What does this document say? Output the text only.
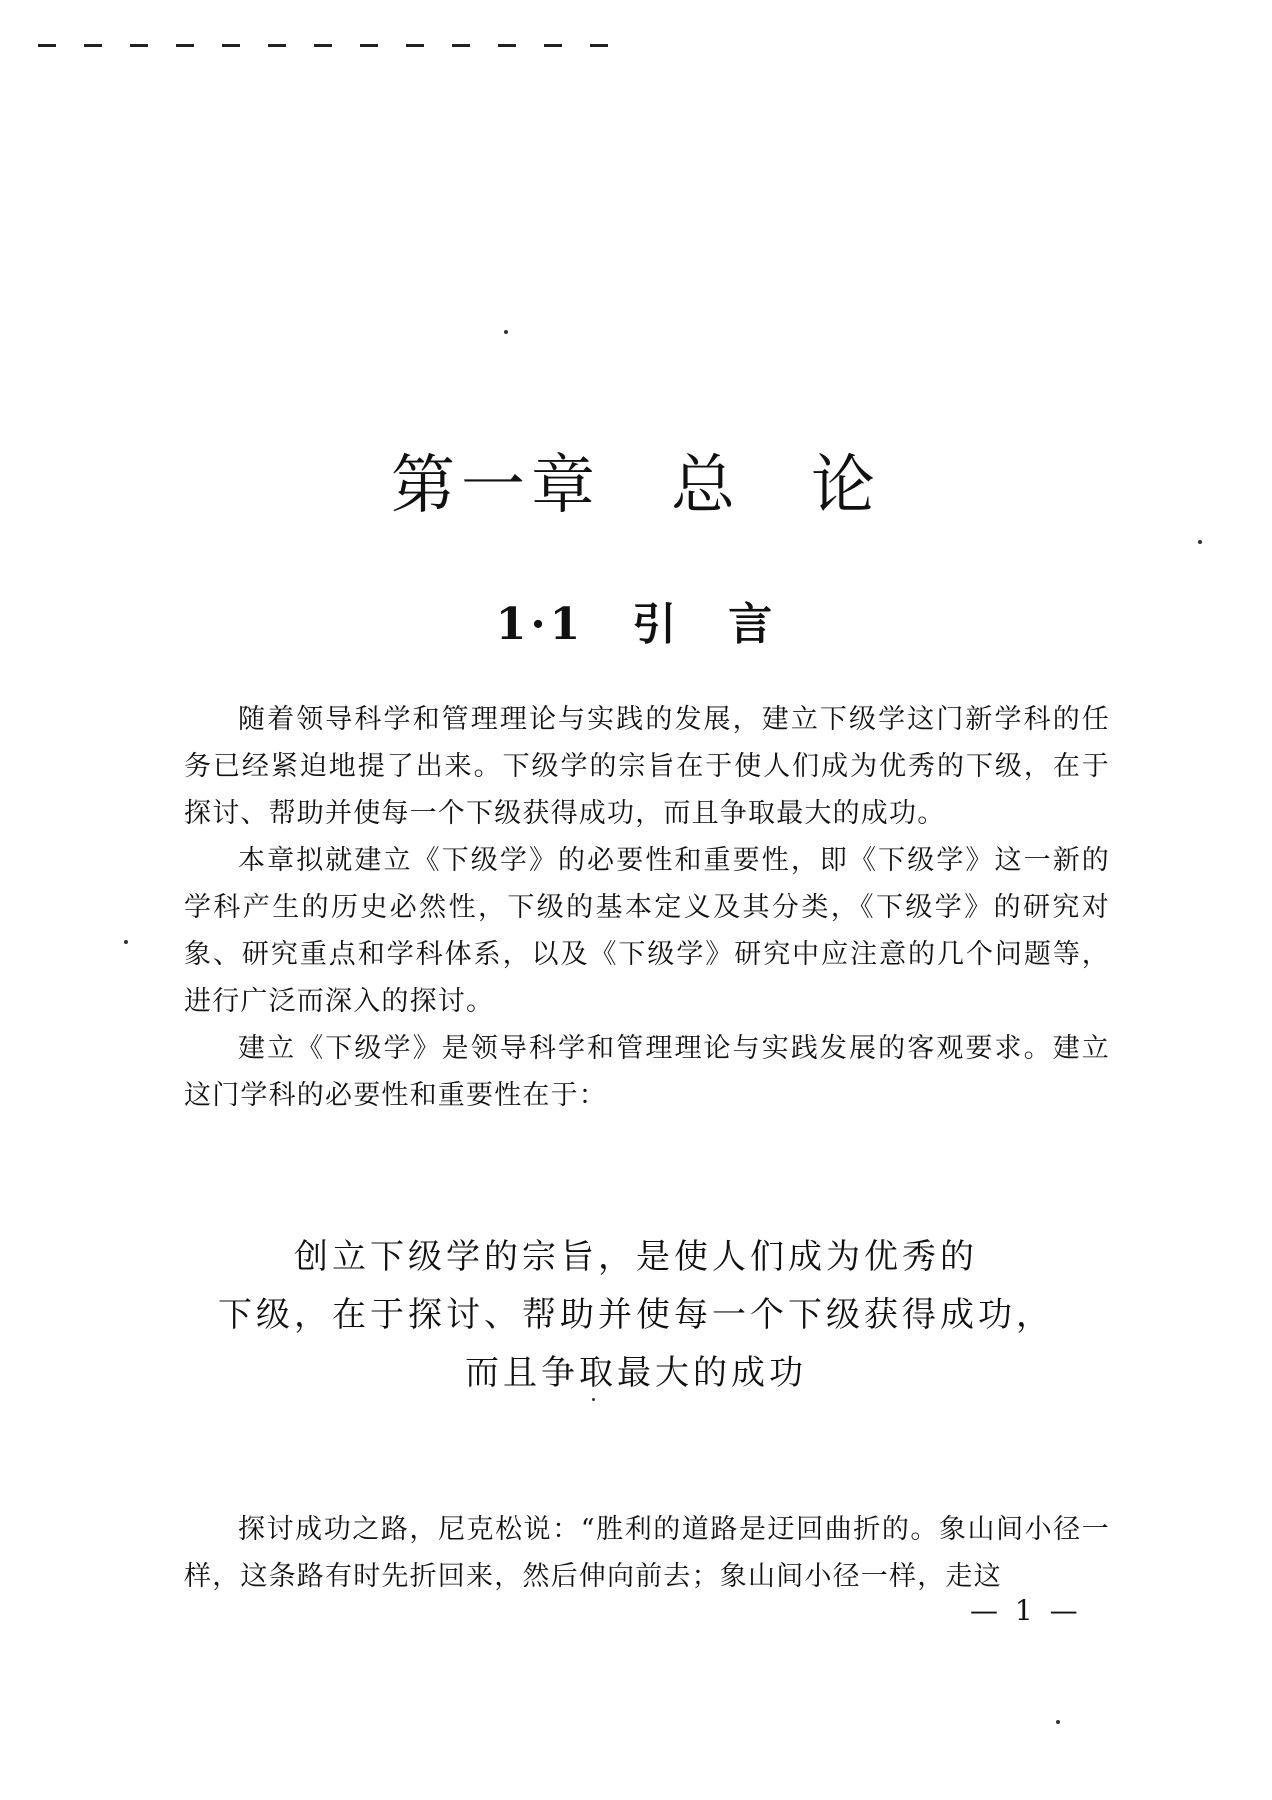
第一章　总　论
1·1　引　言

随着领导科学和管理理论与实践的发展，建立下级学这门新学科的任务已经紧迫地提了出来。下级学的宗旨在于使人们成为优秀的下级，在于探讨、帮助并使每一个下级获得成功，而且争取最大的成功。

本章拟就建立《下级学》的必要性和重要性，即《下级学》这一新的学科产生的历史必然性，下级的基本定义及其分类，《下级学》的研究对象、研究重点和学科体系，以及《下级学》研究中应注意的几个问题等，进行广泛而深入的探讨。

建立《下级学》是领导科学和管理理论与实践发展的客观要求。建立这门学科的必要性和重要性在于：

创立下级学的宗旨，是使人们成为优秀的
下级，在于探讨、帮助并使每一个下级获得成功，
而且争取最大的成功

探讨成功之路，尼克松说：“胜利的道路是迂回曲折的。象山间小径一样，这条路有时先折回来，然后伸向前去；象山间小径一样，走这

— 1 —
